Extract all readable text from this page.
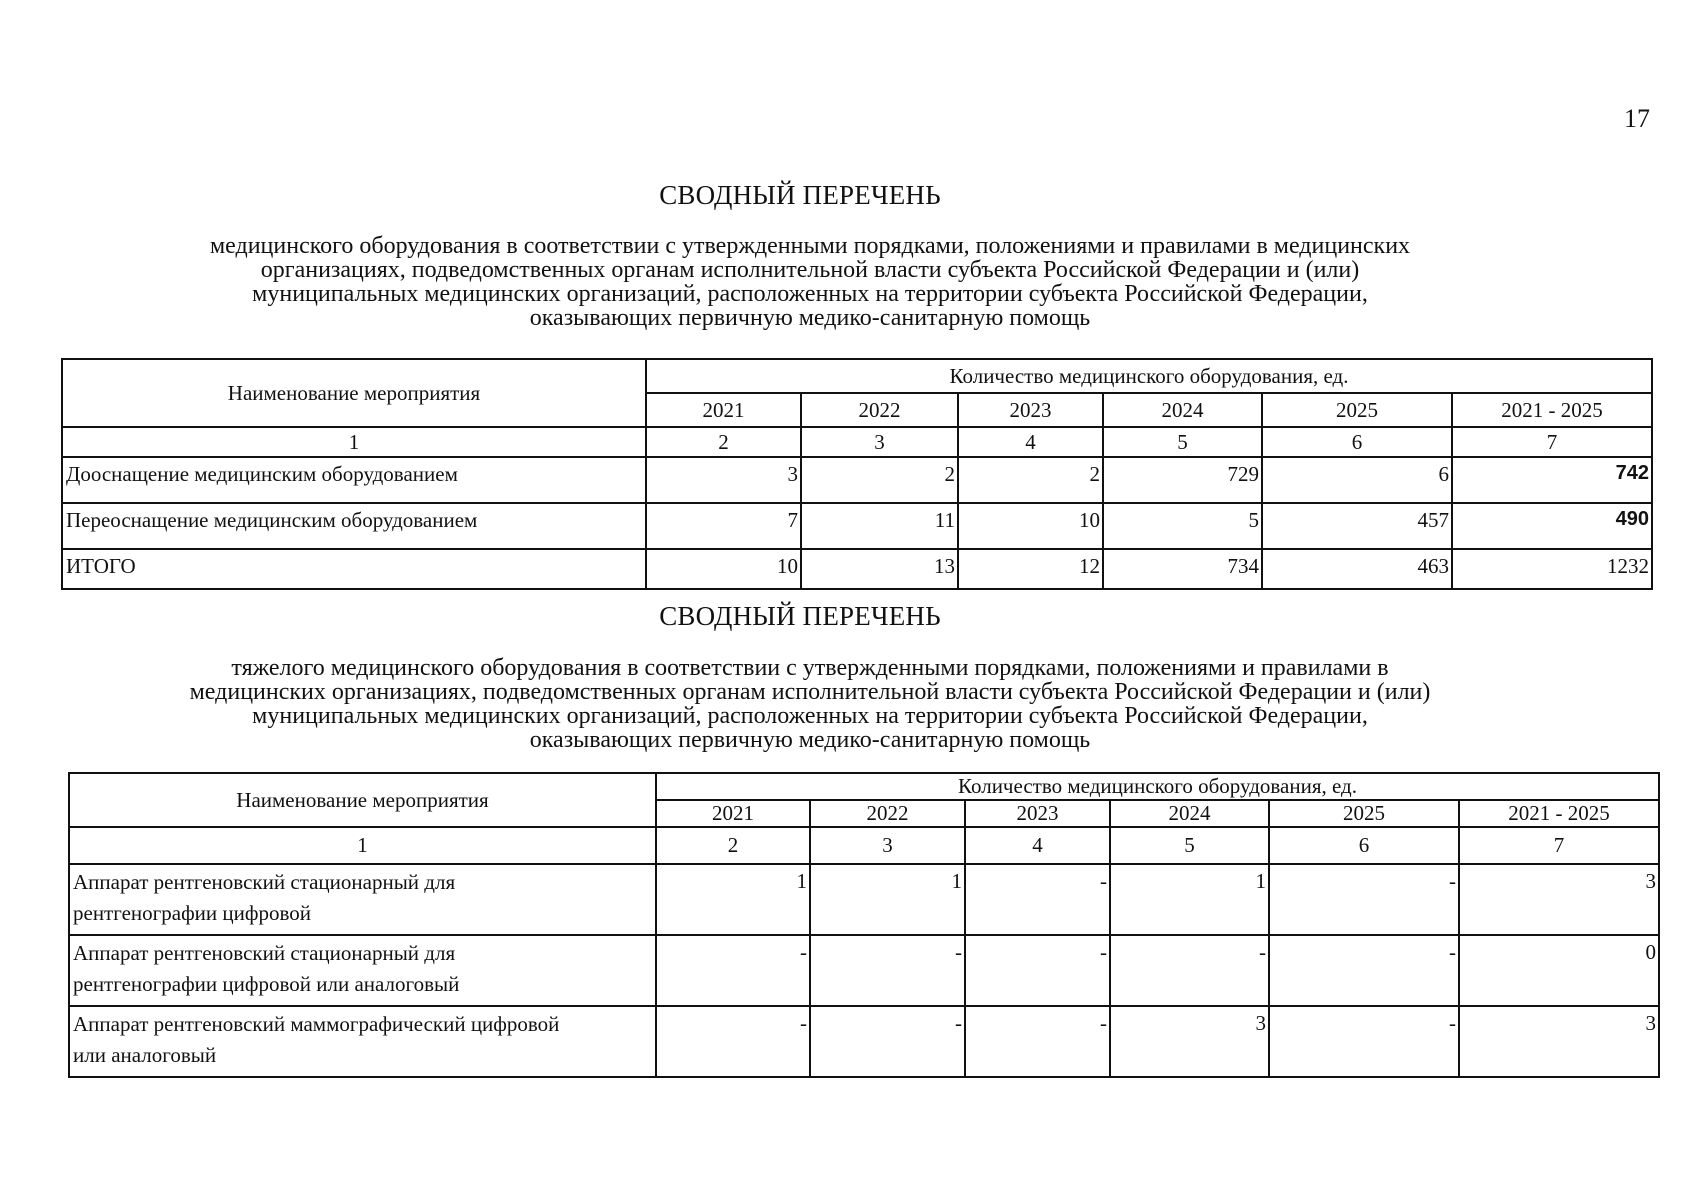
17
СВОДНЫЙ ПЕРЕЧЕНЬ
медицинского оборудования в соответствии с утвержденными порядками, положениями и правилами в медицинских
организациях, подведомственных органам исполнительной власти субъекта Российской Федерации и (или)
муниципальных медицинских организаций, расположенных на территории субъекта Российской Федерации,
оказывающих первичную медико-санитарную помощь
Наименование мероприятия	Количество медицинского оборудования, ед.					
	2021	2022	2023	2024	2025	2021 - 2025
1	2	3	4	5	6	7
Дооснащение медицинским оборудованием	3	2	2	729	6	742
Переоснащение медицинским оборудованием	7	11	10	5	457	490
ИТОГО	10	13	12	734	463	1232
СВОДНЫЙ ПЕРЕЧЕНЬ
тяжелого медицинского оборудования в соответствии с утвержденными порядками, положениями и правилами в
медицинских организациях, подведомственных органам исполнительной власти субъекта Российской Федерации и (или)
муниципальных медицинских организаций, расположенных на территории субъекта Российской Федерации,
оказывающих первичную медико-санитарную помощь
Наименование мероприятия	Количество медицинского оборудования, ед.					
	2021	2022	2023	2024	2025	2021 - 2025
1	2	3	4	5	6	7

Аппарат рентгеновский стационарный для
рентгенографии цифровой	1	1	-	1	-	3

Аппарат рентгеновский стационарный для
рентгенографии цифровой или аналоговый	-	-	-	-	-	0

Аппарат рентгеновский маммографический цифровой
или аналоговый	-	-	-	3	-	3
